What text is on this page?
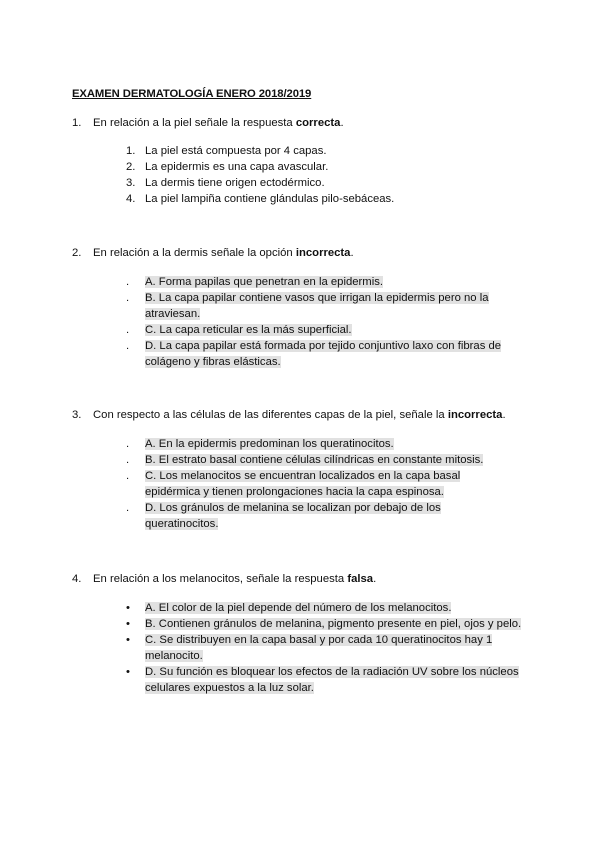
EXAMEN DERMATOLOGÍA ENERO 2018/2019
1. En relación a la piel señale la respuesta correcta.
1. La piel está compuesta por 4 capas.
2. La epidermis es una capa avascular.
3. La dermis tiene origen ectodérmico.
4. La piel lampiña contiene glándulas pilo-sebáceas.
2. En relación a la dermis señale la opción incorrecta.
.	A. Forma papilas que penetran en la epidermis.
.	B. La capa papilar contiene vasos que irrigan la epidermis pero no la atraviesan.
.	C. La capa reticular es la más superficial.
.	D. La capa papilar está formada por tejido conjuntivo laxo con fibras de colágeno y fibras elásticas.
3. Con respecto a las células de las diferentes capas de la piel, señale la incorrecta.
.	A. En la epidermis predominan los queratinocitos.
.	B. El estrato basal contiene células cilíndricas en constante mitosis.
.	C. Los melanocitos se encuentran localizados en la capa basal epidérmica y tienen prolongaciones hacia la capa espinosa.
.	D. Los gránulos de melanina se localizan por debajo de los queratinocitos.
4. En relación a los melanocitos, señale la respuesta falsa.
•	A. El color de la piel depende del número de los melanocitos.
•	B. Contienen gránulos de melanina, pigmento presente en piel, ojos y pelo.
•	C. Se distribuyen en la capa basal y por cada 10 queratinocitos hay 1 melanocito.
•	D. Su función es bloquear los efectos de la radiación UV sobre los núcleos celulares expuestos a la luz solar.
